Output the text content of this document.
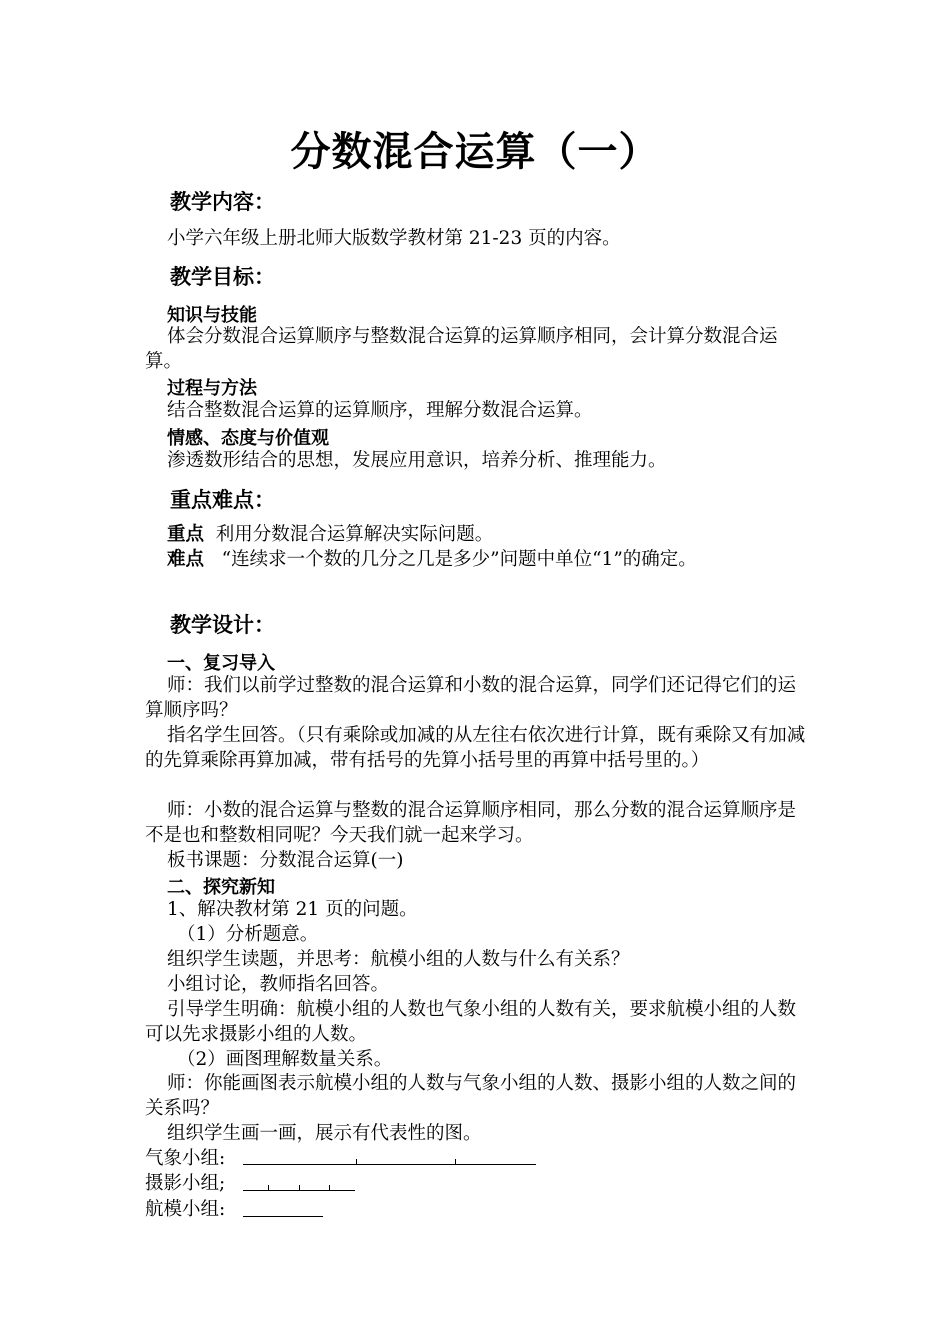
分数混合运算（一）
教学内容：
小学六年级上册北师大版数学教材第 21-23 页的内容。
教学目标：
知识与技能
体会分数混合运算顺序与整数混合运算的运算顺序相同，会计算分数混合运算。
过程与方法
结合整数混合运算的运算顺序，理解分数混合运算。
情感、态度与价值观
渗透数形结合的思想，发展应用意识，培养分析、推理能力。
重点难点：
重点 利用分数混合运算解决实际问题。
难点 “连续求一个数的几分之几是多少”问题中单位“1”的确定。
教学设计：
一、复习导入
师：我们以前学过整数的混合运算和小数的混合运算，同学们还记得它们的运算顺序吗？
指名学生回答。（只有乘除或加减的从左往右依次进行计算，既有乘除又有加减的先算乘除再算加减，带有括号的先算小括号里的再算中括号里的。）
师：小数的混合运算与整数的混合运算顺序相同，那么分数的混合运算顺序是不是也和整数相同呢？今天我们就一起来学习。
板书课题：分数混合运算(一)
二、探究新知
1、解决教材第 21 页的问题。
（1）分析题意。
组织学生读题，并思考：航模小组的人数与什么有关系？
小组讨论，教师指名回答。
引导学生明确：航模小组的人数也气象小组的人数有关，要求航模小组的人数可以先求摄影小组的人数。
（2）画图理解数量关系。
师：你能画图表示航模小组的人数与气象小组的人数、摄影小组的人数之间的关系吗？
组织学生画一画，展示有代表性的图。
气象小组:
摄影小组;
航模小组:
